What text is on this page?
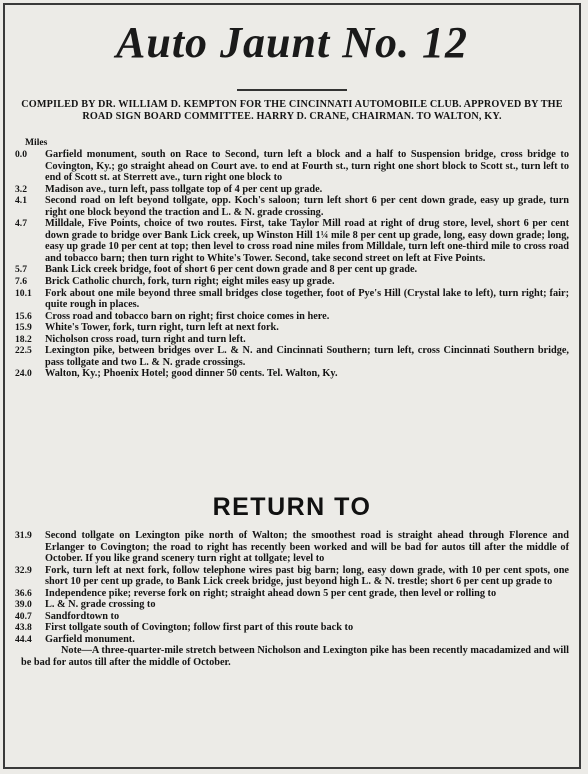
Auto Jaunt No. 12
COMPILED BY DR. WILLIAM D. KEMPTON FOR THE CINCINNATI AUTOMOBILE CLUB. APPROVED BY THE ROAD SIGN BOARD COMMITTEE. HARRY D. CRANE, CHAIRMAN. TO WALTON, KY.
Miles
0.0	Garfield monument, south on Race to Second, turn left a block and a half to Suspension bridge, cross bridge to Covington, Ky.; go straight ahead on Court ave. to end at Fourth st., turn right one short block to Scott st., turn left to end of Scott st. at Sterrett ave., turn right one block to
3.2	Madison ave., turn left, pass tollgate top of 4 per cent up grade.
4.1	Second road on left beyond tollgate, opp. Koch's saloon; turn left short 6 per cent down grade, easy up grade, turn right one block beyond the traction and L. & N. grade crossing.
4.7	Milldale, Five Points, choice of two routes. First, take Taylor Mill road at right of drug store, level, short 6 per cent down grade to bridge over Bank Lick creek, up Winston Hill 1¼ mile 8 per cent up grade, long, easy down grade; long, easy up grade 10 per cent at top; then level to cross road nine miles from Milldale, turn left one-third mile to cross road and tobacco barn; then turn right to White's Tower. Second, take second street on left at Five Points.
5.7	Bank Lick creek bridge, foot of short 6 per cent down grade and 8 per cent up grade.
7.6	Brick Catholic church, fork, turn right; eight miles easy up grade.
10.1	Fork about one mile beyond three small bridges close together, foot of Pye's Hill (Crystal lake to left), turn right; fair; quite rough in places.
15.6	Cross road and tobacco barn on right; first choice comes in here.
15.9	White's Tower, fork, turn right, turn left at next fork.
18.2	Nicholson cross road, turn right and turn left.
22.5	Lexington pike, between bridges over L. & N. and Cincinnati Southern; turn left, cross Cincinnati Southern bridge, pass tollgate and two L. & N. grade crossings.
24.0	Walton, Ky.; Phoenix Hotel; good dinner 50 cents. Tel. Walton, Ky.
RETURN TO
31.9	Second tollgate on Lexington pike north of Walton; the smoothest road is straight ahead through Florence and Erlanger to Covington; the road to right has recently been worked and will be bad for autos till after the middle of October. If you like grand scenery turn right at tollgate; level to
32.9	Fork, turn left at next fork, follow telephone wires past big barn; long, easy down grade, with 10 per cent spots, one short 10 per cent up grade, to Bank Lick creek bridge, just beyond high L. & N. trestle; short 6 per cent up grade to
36.6	Independence pike; reverse fork on right; straight ahead down 5 per cent grade, then level or rolling to
39.0	L. & N. grade crossing to
40.7	Sandfordtown to
43.8	First tollgate south of Covington; follow first part of this route back to
44.4	Garfield monument.
Note—A three-quarter-mile stretch between Nicholson and Lexington pike has been recently macadamized and will be bad for autos till after the middle of October.
